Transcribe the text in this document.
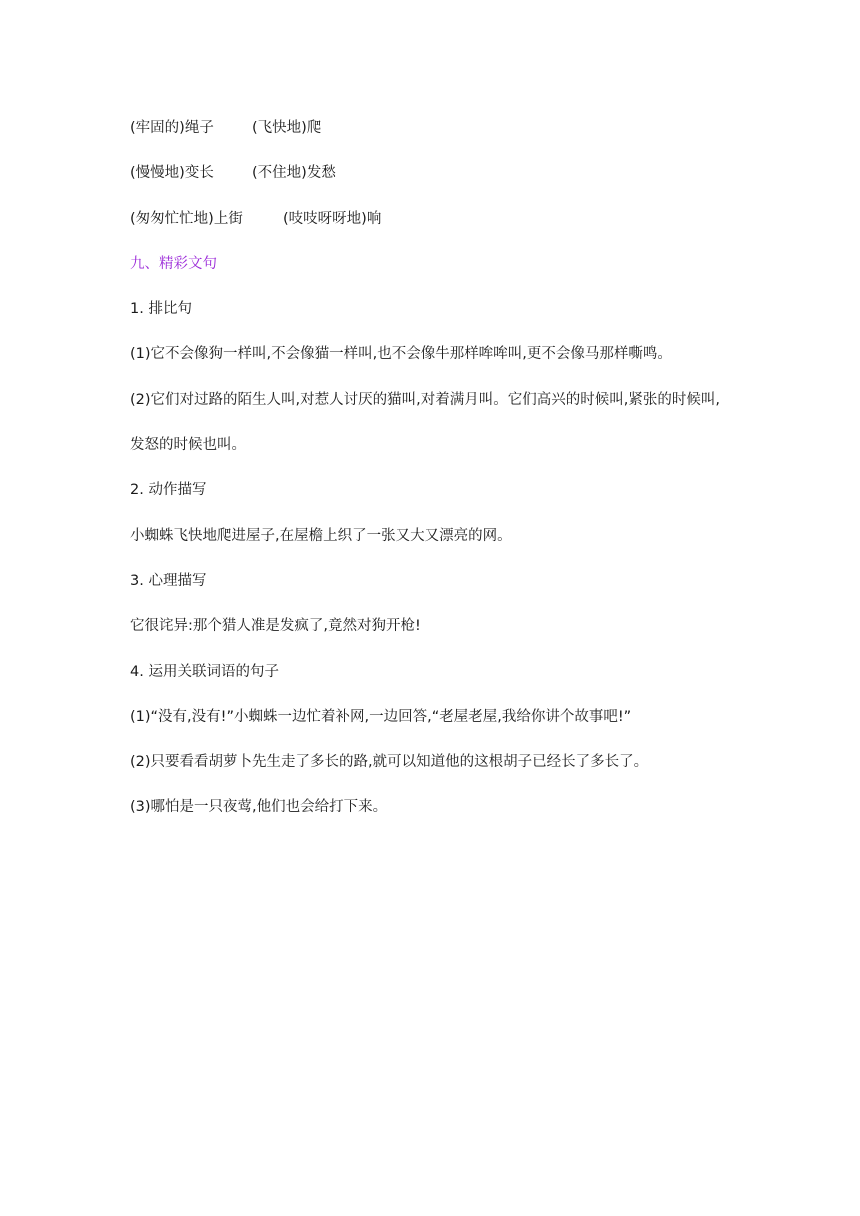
(牢固的)绳子	(飞快地)爬
(慢慢地)变长	(不住地)发愁
(匆匆忙忙地)上街	(吱吱呀呀地)响
九、精彩文句
1. 排比句
(1)它不会像狗一样叫,不会像猫一样叫,也不会像牛那样哞哞叫,更不会像马那样嘶鸣。
(2)它们对过路的陌生人叫,对惹人讨厌的猫叫,对着满月叫。它们高兴的时候叫,紧张的时候叫,
发怒的时候也叫。
2. 动作描写
小蜘蛛飞快地爬进屋子,在屋檐上织了一张又大又漂亮的网。
3. 心理描写
它很诧异:那个猎人准是发疯了,竟然对狗开枪!
4. 运用关联词语的句子
(1)“没有,没有!”小蜘蛛一边忙着补网,一边回答,“老屋老屋,我给你讲个故事吧!”
(2)只要看看胡萝卜先生走了多长的路,就可以知道他的这根胡子已经长了多长了。
(3)哪怕是一只夜莺,他们也会给打下来。
